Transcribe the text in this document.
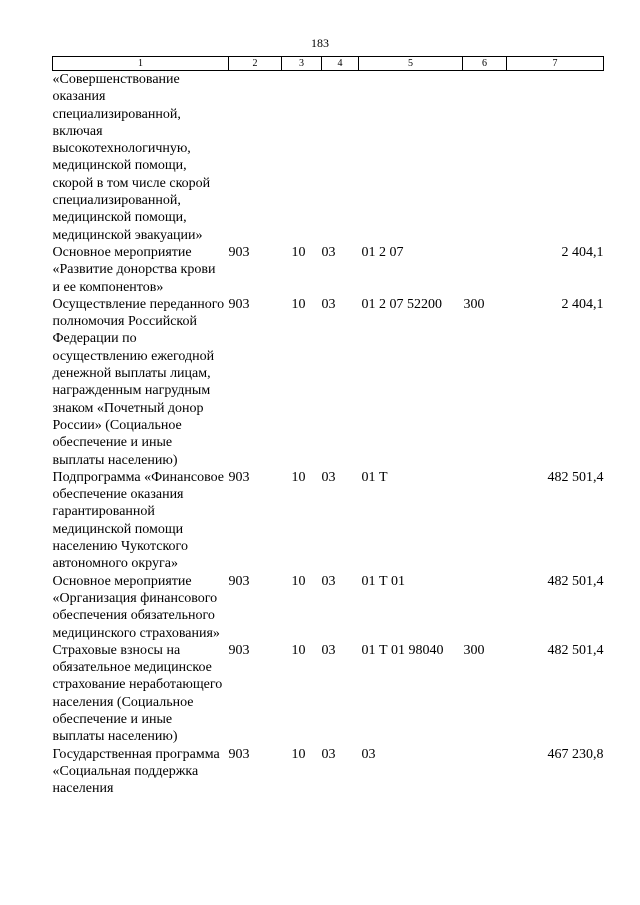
183
1	2	3	4	5	6	7
«Совершенствование оказания специализированной, включая высокотехнологичную, медицинской помощи, скорой в том числе скорой специализированной, медицинской помощи, медицинской эвакуации»						
Основное мероприятие «Развитие донорства крови и ее компонентов»	903	10	03	01 2 07		2 404,1
Осуществление переданного полномочия Российской Федерации по осуществлению ежегодной денежной выплаты лицам, награжденным нагрудным знаком «Почетный донор России» (Социальное обеспечение и иные выплаты населению)	903	10	03	01 2 07 52200	300	2 404,1
Подпрограмма «Финансовое обеспечение оказания гарантированной медицинской помощи населению Чукотского автономного округа»	903	10	03	01 Т		482 501,4
Основное мероприятие «Организация финансового обеспечения обязательного медицинского страхования»	903	10	03	01 Т 01		482 501,4
Страховые взносы на обязательное медицинское страхование неработающего населения (Социальное обеспечение и иные выплаты населению)	903	10	03	01 Т 01 98040	300	482 501,4
Государственная программа «Социальная поддержка населения	903	10	03	03		467 230,8
